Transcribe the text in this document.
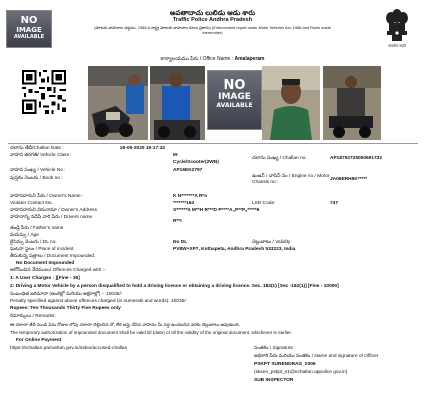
NO
IMAGE
AVAILABLE
అవతాదాచు లులిడు ఆడు శారు
Traffic Police Andhra Pradesh
(మోటరు వాహనాల చట్టము, 1988 & రాష్ట్ర మోటరు వాహనాల రూలు ప్రకారం) (Enforcement report under Motor Vehicles Act, 1988 and Rules made
thereunder)
सत्यमेव जयते
కార్యాలయము పేరు / Office Name : Amalaperam
NO
IMAGE
AVAILABLE
చలాను తేదీ/Challan Date :	26-05-2025 19:17:32
వాహన తరగతి/ Vehicle Class :	M-
Cycle/Scooter(2WN)
చలాను సంఖ్య / Challan no.	AP18792725050691732
వాహన సంఖ్య / Vehicle No :	AP16EK2797
పుస్తకం నెంబరు / Book no :	ఇంజన్ / చాసిస్ నం / Engine no / Motor
Chassis no :
JA06ERH5K*****
వాహనదారుని పేరు / Owner's Name :	K N*******A R*o
Violator Contact No.	*******164	LSD Code:	747
వాహనదారుని చిరునామా / Owner's Address	S******S M**H R***D P****A,,P**P,,*****6
వాహనాన్ని నడిపే వారి పేరు / Drivers name
R**I
తండ్రి పేరు / Father's name
వయస్సు / Age
లైసెన్సు నెంబరు / DL no.	No DL	చెల్లుబాటు / Validity
ఘటనా స్థలం / Place of incident	PV8W+XP7, Kothapeta, Andhra Pradesh 533223, India
తీసుకున్న పత్రాలు / Document Impounded:
No Document Impounded
ఆరోపించిన నేరములు/ Offences Charged with :-
1: A User Charges : ][Fine - 35]
2: Driving a Motor Vehicle by a person disqualified to hold a driving licence or obtaining a driving licence. Sec. 182(1) [Sec -182(1)] [Fine - 10000]
సంబంధిత జరిమానా (అంకెల్లో మరియు అక్షరాల్లో) :- 10035/-
Penalty specified against above offences charged (in numerals and words): 10035/-
Rupees: Ten Thousands Thirty Five Rupees only
రిమార్కులు / Remarks:
ఈ చలానా తేదీ నుండి ఏడు రోజుల లోపు చలానా చెల్లించిన చో, లేక జప్తు చేసిన వాహనం మీ వద్ద ఉంచబడిన వరకు చెల్లుబాటు అవుతుంది.
The temporary authorization of impounded document shall be valid till (date) or till the validity of the original document, whichever is earlier.
For Online Payment
https://echallan.parivahan.gov.in/index/accused-challan	సంతకం / Signature :
అధికారి పేరు మరియు సంతకం / Name and signature of Officer
PSKPT SURENDRAG_0306
(sksen_pskpt_s1@echallan appolice gov.in)
SUB INSPECTOR
